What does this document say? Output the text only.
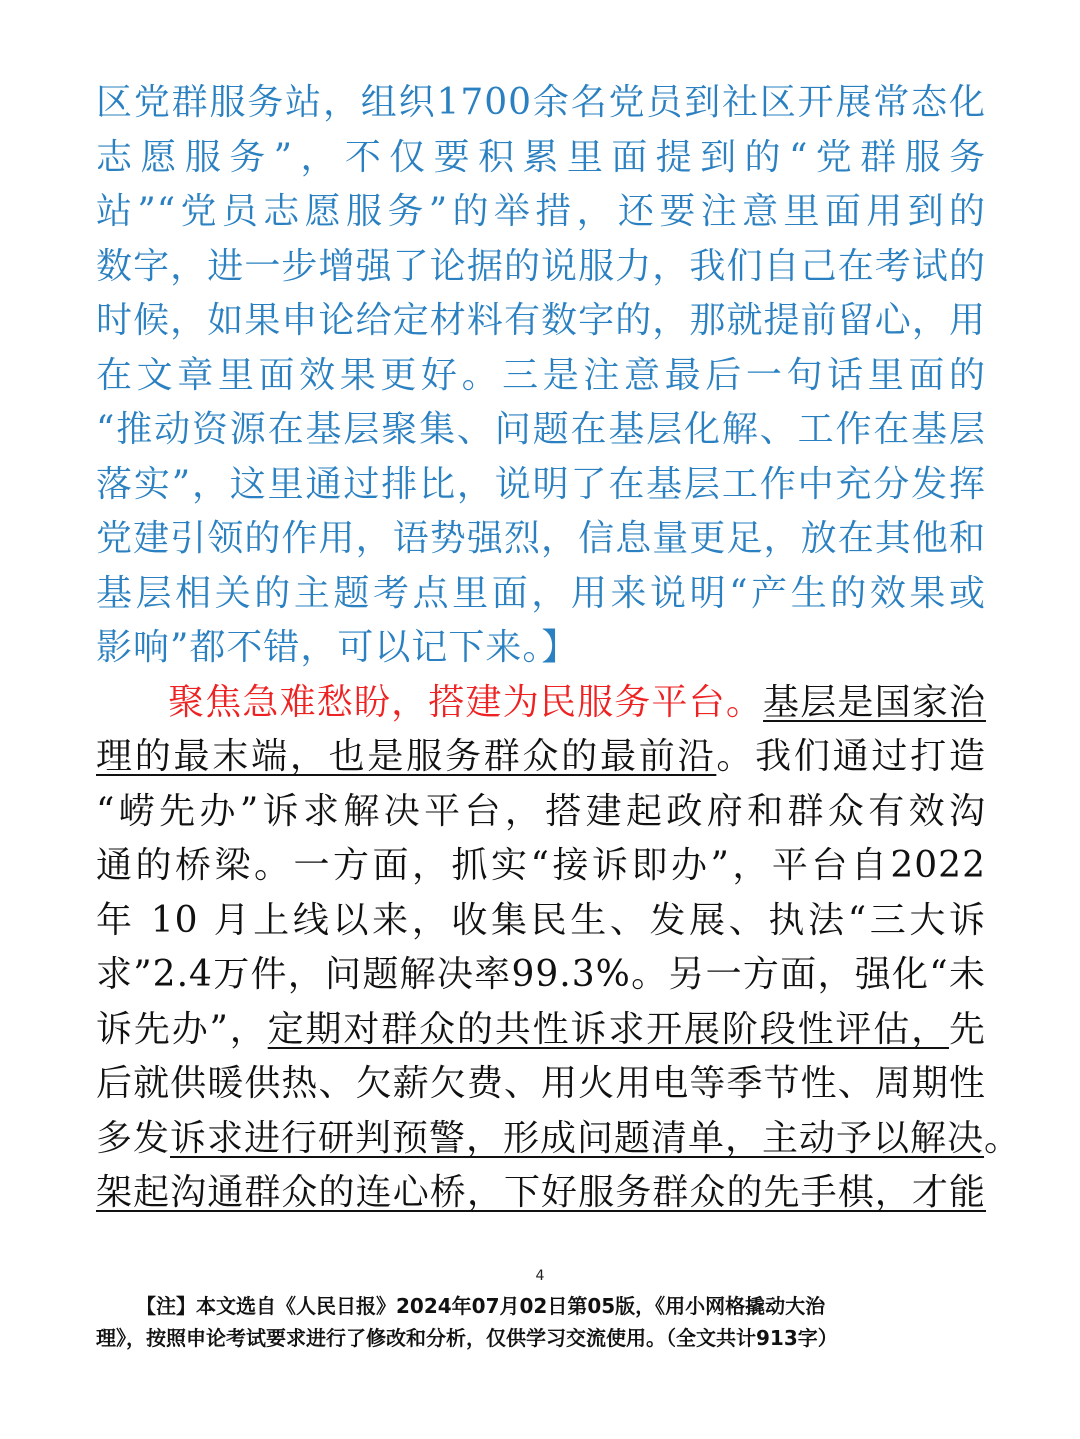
区党群服务站，组织1700余名党员到社区开展常态化
志愿服务”，不仅要积累里面提到的“党群服务
站”“党员志愿服务”的举措，还要注意里面用到的
数字，进一步增强了论据的说服力，我们自己在考试的
时候，如果申论给定材料有数字的，那就提前留心，用
在文章里面效果更好。三是注意最后一句话里面的
“推动资源在基层聚集、问题在基层化解、工作在基层
落实”，这里通过排比，说明了在基层工作中充分发挥
党建引领的作用，语势强烈，信息量更足，放在其他和
基层相关的主题考点里面，用来说明“产生的效果或
影响”都不错，可以记下来。】
聚焦急难愁盼，搭建为民服务平台。基层是国家治
理的最末端，也是服务群众的最前沿。我们通过打造
“崂先办”诉求解决平台，搭建起政府和群众有效沟
通的桥梁。一方面，抓实“接诉即办”，平台自2022
年 10 月上线以来，收集民生、发展、执法“三大诉
求”2.4万件，问题解决率99.3%。另一方面，强化“未
诉先办”，定期对群众的共性诉求开展阶段性评估，先
后就供暖供热、欠薪欠费、用火用电等季节性、周期性
多发诉求进行研判预警，形成问题清单，主动予以解决。
架起沟通群众的连心桥，下好服务群众的先手棋，才能
4
【注】本文选自《人民日报》2024年07月02日第05版，《用小网格撬动大治
理》，按照申论考试要求进行了修改和分析，仅供学习交流使用。（全文共计913字）
